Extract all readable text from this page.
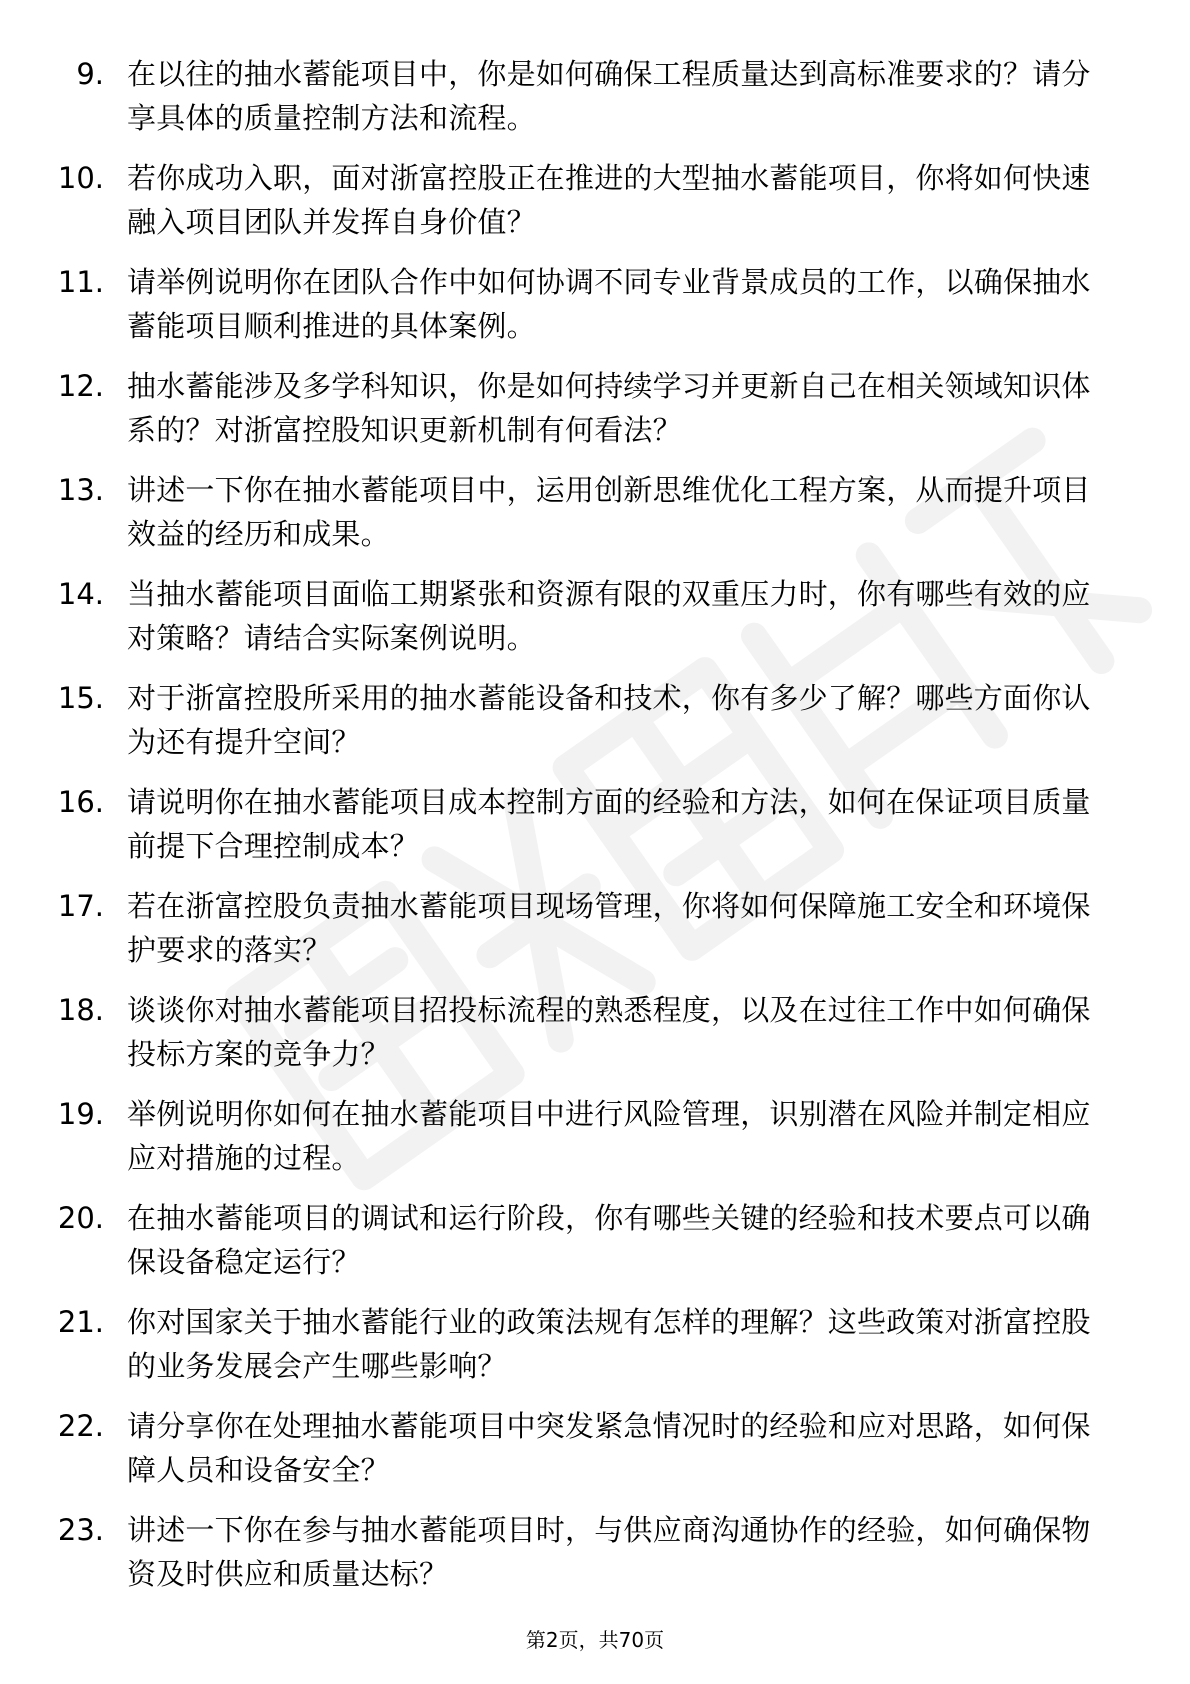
9. 在以往的抽水蓄能项目中，你是如何确保工程质量达到高标准要求的？请分享具体的质量控制方法和流程。
10. 若你成功入职，面对浙富控股正在推进的大型抽水蓄能项目，你将如何快速融入项目团队并发挥自身价值？
11. 请举例说明你在团队合作中如何协调不同专业背景成员的工作，以确保抽水蓄能项目顺利推进的具体案例。
12. 抽水蓄能涉及多学科知识，你是如何持续学习并更新自己在相关领域知识体系的？对浙富控股知识更新机制有何看法？
13. 讲述一下你在抽水蓄能项目中，运用创新思维优化工程方案，从而提升项目效益的经历和成果。
14. 当抽水蓄能项目面临工期紧张和资源有限的双重压力时，你有哪些有效的应对策略？请结合实际案例说明。
15. 对于浙富控股所采用的抽水蓄能设备和技术，你有多少了解？哪些方面你认为还有提升空间？
16. 请说明你在抽水蓄能项目成本控制方面的经验和方法，如何在保证项目质量前提下合理控制成本？
17. 若在浙富控股负责抽水蓄能项目现场管理，你将如何保障施工安全和环境保护要求的落实？
18. 谈谈你对抽水蓄能项目招投标流程的熟悉程度，以及在过往工作中如何确保投标方案的竞争力？
19. 举例说明你如何在抽水蓄能项目中进行风险管理，识别潜在风险并制定相应应对措施的过程。
20. 在抽水蓄能项目的调试和运行阶段，你有哪些关键的经验和技术要点可以确保设备稳定运行？
21. 你对国家关于抽水蓄能行业的政策法规有怎样的理解？这些政策对浙富控股的业务发展会产生哪些影响？
22. 请分享你在处理抽水蓄能项目中突发紧急情况时的经验和应对思路，如何保障人员和设备安全？
23. 讲述一下你在参与抽水蓄能项目时，与供应商沟通协作的经验，如何确保物资及时供应和质量达标？
第2页，共70页
